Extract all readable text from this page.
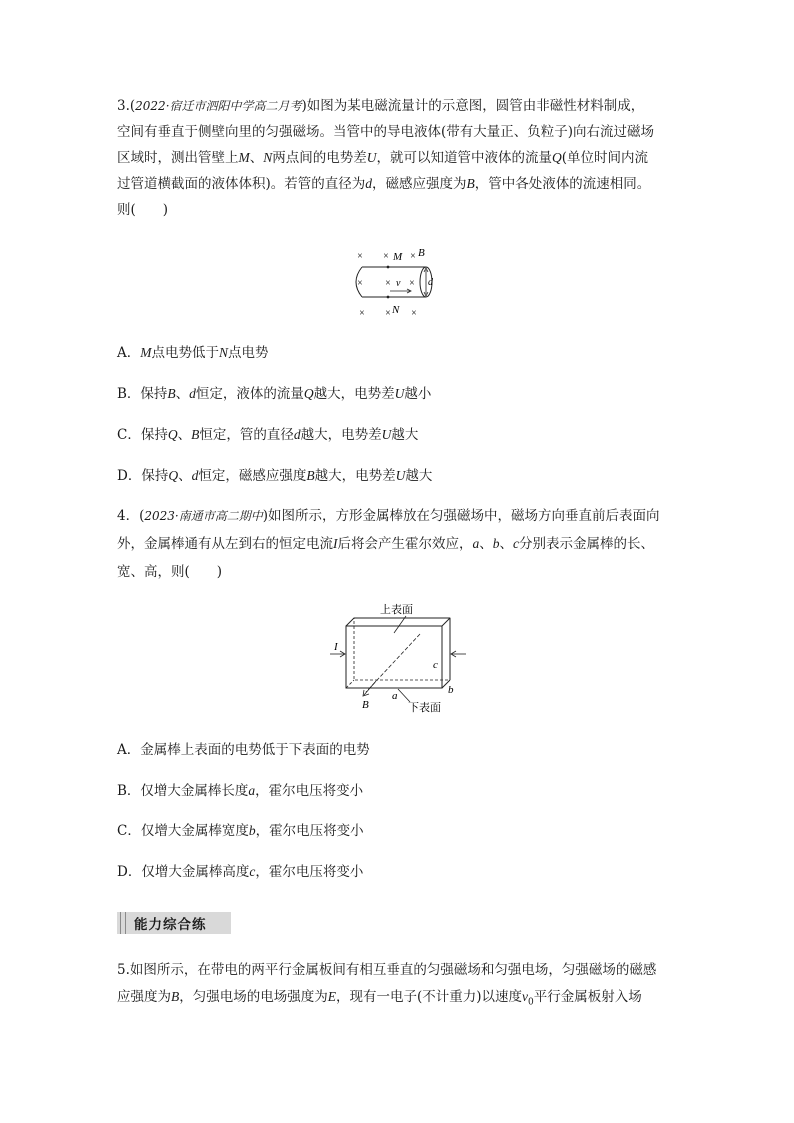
3.(2022·宿迁市泗阳中学高二月考)如图为某电磁流量计的示意图，圆管由非磁性材料制成，

空间有垂直于侧壁向里的匀强磁场。当管中的导电液体(带有大量正、负粒子)向右流过磁场

区域时，测出管壁上M、N两点间的电势差U，就可以知道管中液体的流量Q(单位时间内流

过管道横截面的液体体积)。若管的直径为d，磁感应强度为B，管中各处液体的流速相同。

则(　　)

× × ×
M B
d
× × ×
v
× × ×
N

A．M点电势低于N点电势

B．保持B、d恒定，液体的流量Q越大，电势差U越小

C．保持Q、B恒定，管的直径d越大，电势差U越大

D．保持Q、d恒定，磁感应强度B越大，电势差U越大

4．(2023·南通市高二期中)如图所示，方形金属棒放在匀强磁场中，磁场方向垂直前后表面向

外，金属棒通有从左到右的恒定电流I后将会产生霍尔效应，a、b、c分别表示金属棒的长、

宽、高，则(　　)

上表面
I
B
c
a	b
下表面

A．金属棒上表面的电势低于下表面的电势

B．仅增大金属棒长度a，霍尔电压将变小

C．仅增大金属棒宽度b，霍尔电压将变小

D．仅增大金属棒高度c，霍尔电压将变小

能力综合练

5.如图所示，在带电的两平行金属板间有相互垂直的匀强磁场和匀强电场，匀强磁场的磁感

应强度为B，匀强电场的电场强度为E，现有一电子(不计重力)以速度$v_0$平行金属板射入场
